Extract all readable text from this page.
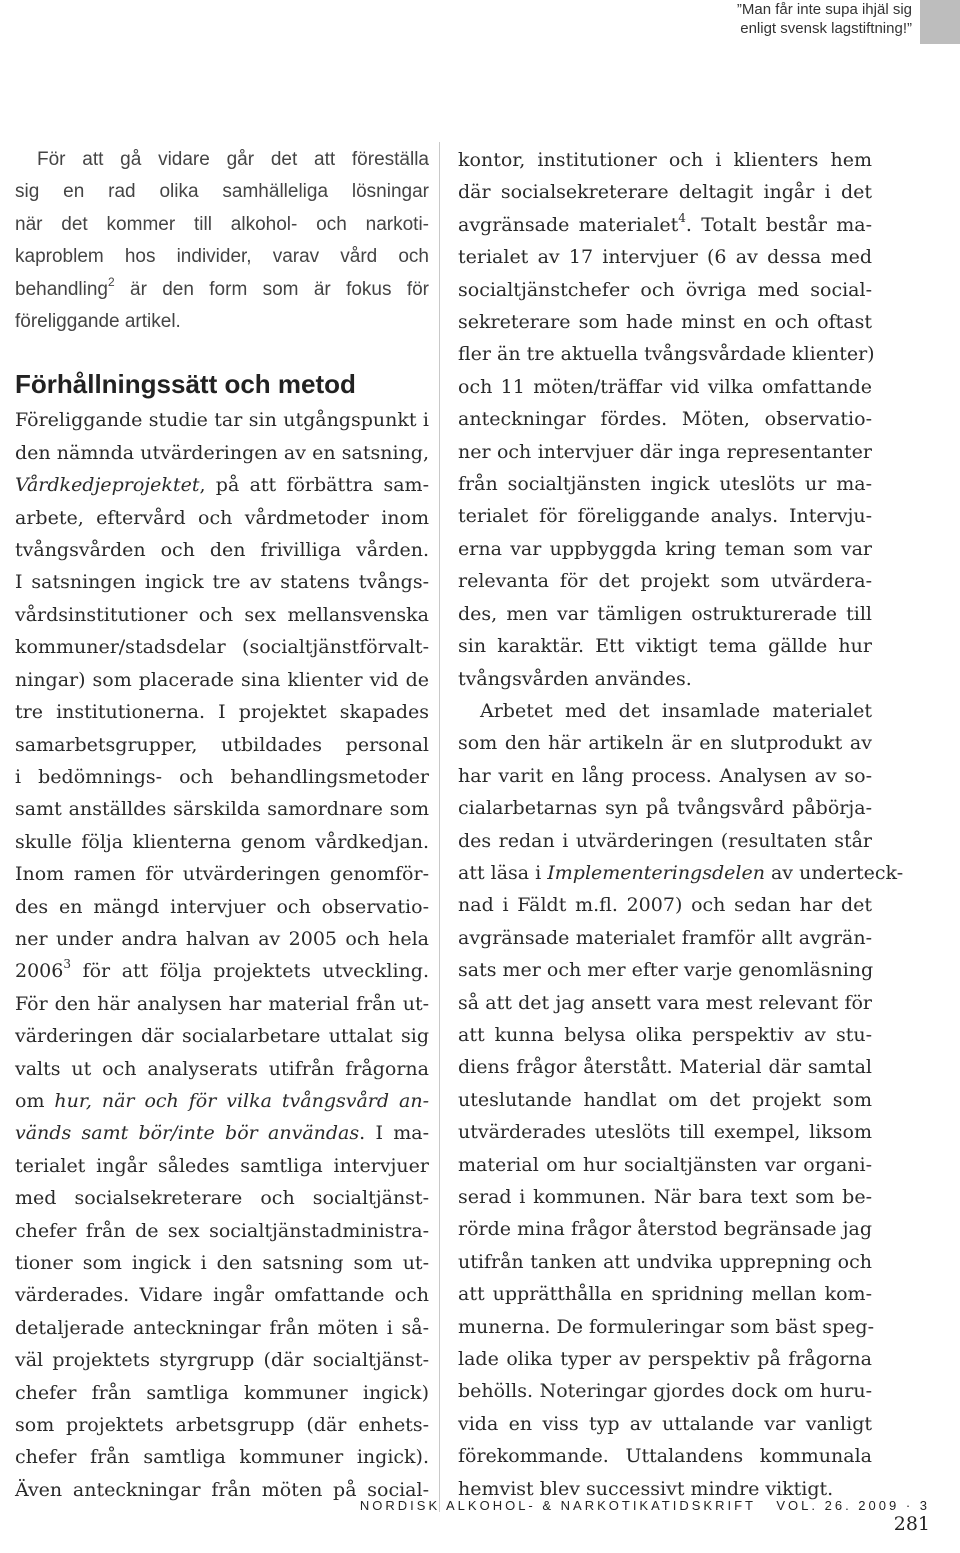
”Man får inte supa ihjäl sig
enligt svensk lagstiftning!”

För att gå vidare går det att föreställa
sig en rad olika samhälleliga lösningar
när det kommer till alkohol- och narkoti-
kaproblem hos individer, varav vård och
behandling$^2$ är den form som är fokus för
föreliggande artikel.

Förhållningssätt och metod

Föreliggande studie tar sin utgångspunkt i
den nämnda utvärderingen av en satsning,
Vårdkedjeprojektet, på att förbättra sam-
arbete, eftervård och vårdmetoder inom
tvångsvården och den frivilliga vården.
I satsningen ingick tre av statens tvångs-
vårdsinstitutioner och sex mellansvenska
kommuner/stadsdelar (socialtjänstförvalt-
ningar) som placerade sina klienter vid de
tre institutionerna. I projektet skapades
samarbetsgrupper, utbildades personal
i bedömnings- och behandlingsmetoder
samt anställdes särskilda samordnare som
skulle följa klienterna genom vårdkedjan.
Inom ramen för utvärderingen genomför-
des en mängd intervjuer och observatio-
ner under andra halvan av 2005 och hela
2006$^3$ för att följa projektets utveckling.
För den här analysen har material från ut-
värderingen där socialarbetare uttalat sig
valts ut och analyserats utifrån frågorna
om hur, när och för vilka tvångsvård an-
vänds samt bör/inte bör användas. I ma-
terialet ingår således samtliga intervjuer
med socialsekreterare och socialtjänst-
chefer från de sex socialtjänstadministra-
tioner som ingick i den satsning som ut-
värderades. Vidare ingår omfattande och
detaljerade anteckningar från möten i så-
väl projektets styrgrupp (där socialtjänst-
chefer från samtliga kommuner ingick)
som projektets arbetsgrupp (där enhets-
chefer från samtliga kommuner ingick).
Även anteckningar från möten på social-

kontor, institutioner och i klienters hem
där socialsekreterare deltagit ingår i det
avgränsade materialet$^4$. Totalt består ma-
terialet av 17 intervjuer (6 av dessa med
socialtjänstchefer och övriga med social-
sekreterare som hade minst en och oftast
fler än tre aktuella tvångsvårdade klienter)
och 11 möten/träffar vid vilka omfattande
anteckningar fördes. Möten, observatio-
ner och intervjuer där inga representanter
från socialtjänsten ingick uteslöts ur ma-
terialet för föreliggande analys. Intervju-
erna var uppbyggda kring teman som var
relevanta för det projekt som utvärdera-
des, men var tämligen ostrukturerade till
sin karaktär. Ett viktigt tema gällde hur
tvångsvården användes.

Arbetet med det insamlade materialet
som den här artikeln är en slutprodukt av
har varit en lång process. Analysen av so-
cialarbetarnas syn på tvångsvård påbörja-
des redan i utvärderingen (resultaten står
att läsa i Implementeringsdelen av underteck-
nad i Fäldt m.fl. 2007) och sedan har det
avgränsade materialet framför allt avgrän-
sats mer och mer efter varje genomläsning
så att det jag ansett vara mest relevant för
att kunna belysa olika perspektiv av stu-
diens frågor återstått. Material där samtal
uteslutande handlat om det projekt som
utvärderades uteslöts till exempel, liksom
material om hur socialtjänsten var organi-
serad i kommunen. När bara text som be-
rörde mina frågor återstod begränsade jag
utifrån tanken att undvika upprepning och
att upprätthålla en spridning mellan kom-
munerna. De formuleringar som bäst speg-
lade olika typer av perspektiv på frågorna
behölls. Noteringar gjordes dock om huru-
vida en viss typ av uttalande var vanligt
förekommande. Uttalandens kommunala
hemvist blev successivt mindre viktigt.

NORDISK ALKOHOL- & NARKOTIKATIDSKRIFT VOL. 26. 2009 · 3 281
